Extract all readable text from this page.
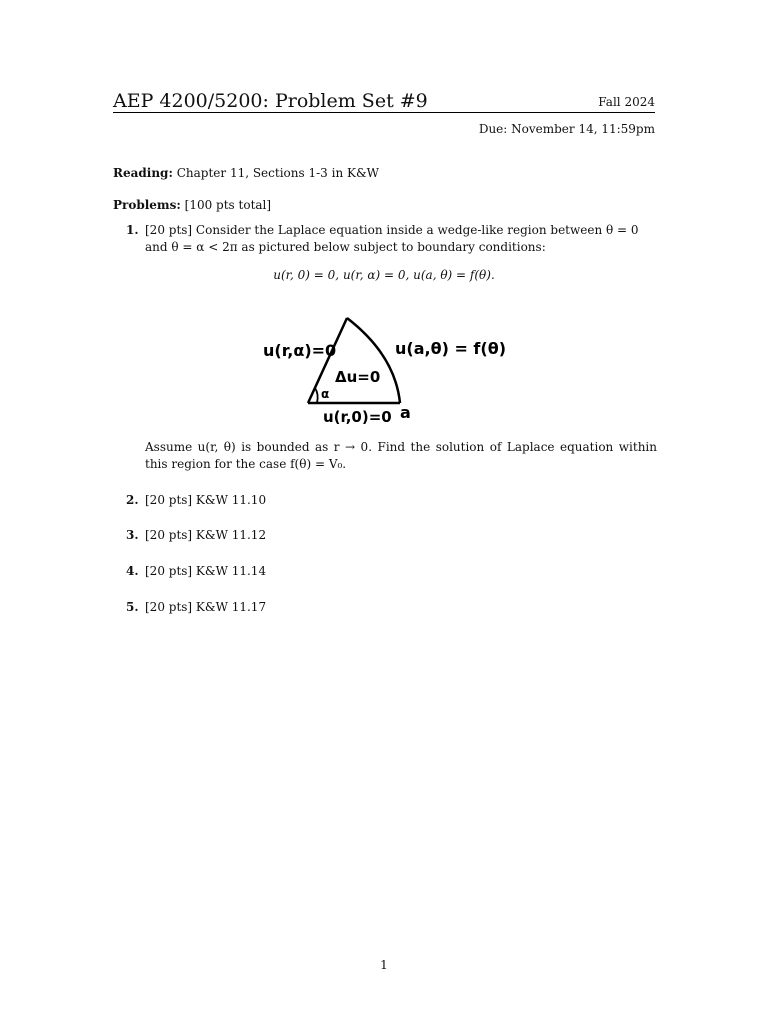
AEP 4200/5200: Problem Set #9	Fall 2024
Due: November 14, 11:59pm
Reading: Chapter 11, Sections 1-3 in K&W
Problems: [100 pts total]
1. [20 pts] Consider the Laplace equation inside a wedge-like region between θ = 0 and θ = α < 2π as pictured below subject to boundary conditions:
u(r, 0) = 0, u(r, α) = 0, u(a, θ) = f(θ).
u(r,α)=0	u(a,θ) = f(θ)
Δu=0
α
u(r,0)=0 a
Assume u(r, θ) is bounded as r → 0. Find the solution of Laplace equation within this region for the case f(θ) = V₀.
2. [20 pts] K&W 11.10
3. [20 pts] K&W 11.12
4. [20 pts] K&W 11.14
5. [20 pts] K&W 11.17
1
